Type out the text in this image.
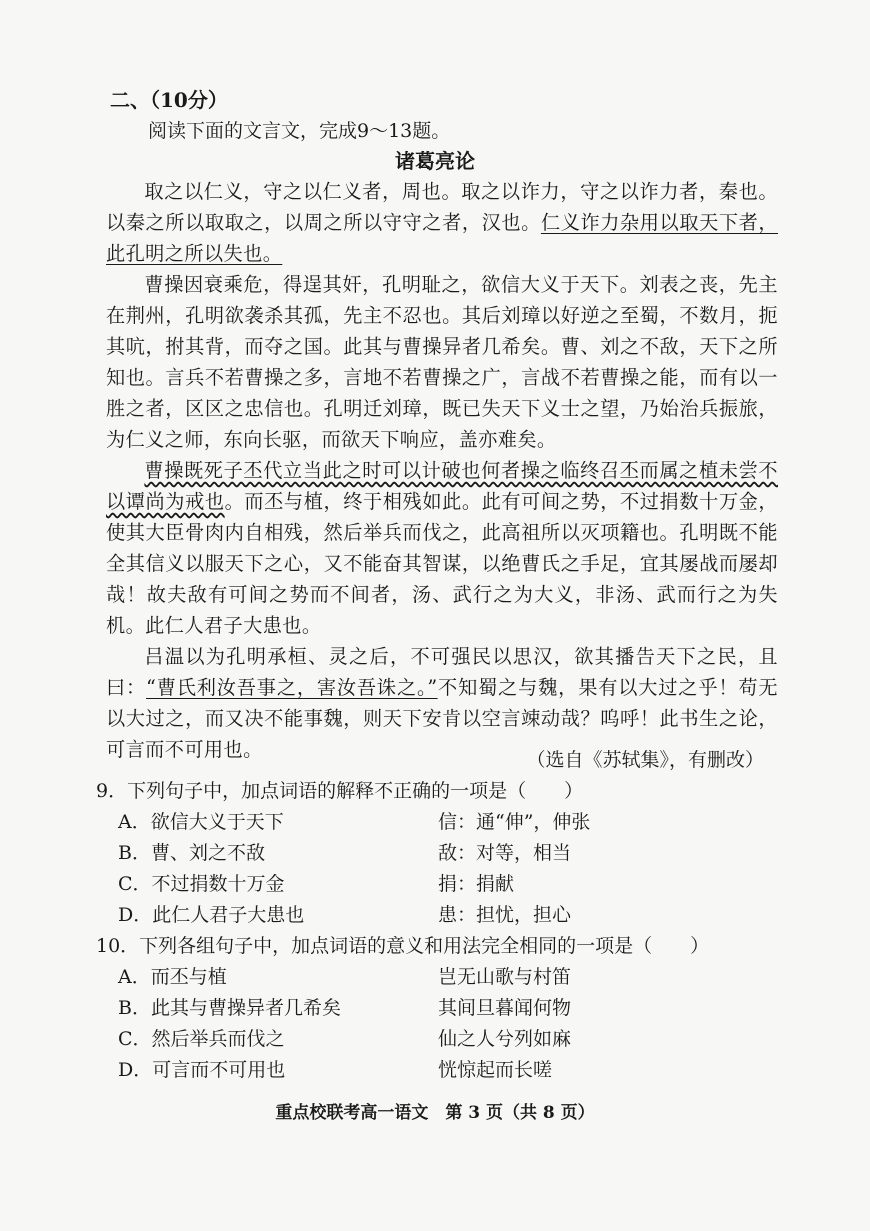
二、（10分）
阅读下面的文言文，完成9～13题。
诸葛亮论

取之以仁义，守之以仁义者，周也。取之以诈力，守之以诈力者，秦也。以秦之所以取取之，以周之所以守守之者，汉也。仁义诈力杂用以取天下者，此孔明之所以失也。

曹操因衰乘危，得逞其奸，孔明耻之，欲信大义于天下。刘表之丧，先主在荆州，孔明欲袭杀其孤，先主不忍也。其后刘璋以好逆之至蜀，不数月，扼其吭，拊其背，而夺之国。此其与曹操异者几希矣。曹、刘之不敌，天下之所知也。言兵不若曹操之多，言地不若曹操之广，言战不若曹操之能，而有以一胜之者，区区之忠信也。孔明迁刘璋，既已失天下义士之望，乃始治兵振旅，为仁义之师，东向长驱，而欲天下响应，盖亦难矣。

曹操既死子丕代立当此之时可以计破也何者操之临终召丕而属之植未尝不以谭尚为戒也。而丕与植，终于相残如此。此有可间之势，不过捐数十万金，使其大臣骨肉内自相残，然后举兵而伐之，此高祖所以灭项籍也。孔明既不能全其信义以服天下之心，又不能奋其智谋，以绝曹氏之手足，宜其屡战而屡却哉！故夫敌有可间之势而不间者，汤、武行之为大义，非汤、武而行之为失机。此仁人君子大患也。

吕温以为孔明承桓、灵之后，不可强民以思汉，欲其播告天下之民，且曰：“曹氏利汝吾事之，害汝吾诛之。”不知蜀之与魏，果有以大过之乎！苟无以大过之，而又决不能事魏，则天下安肯以空言竦动哉？呜呼！此书生之论，可言而不可用也。	（选自《苏轼集》，有删改）
9．下列句子中，加点词语的解释不正确的一项是（　　）
A．欲信大义于天下	信：通“伸”，伸张
B．曹、刘之不敌	敌：对等，相当
C．不过捐数十万金	捐：捐献
D．此仁人君子大患也	患：担忧，担心
10．下列各组句子中，加点词语的意义和用法完全相同的一项是（　　）
A．而丕与植	岂无山歌与村笛
B．此其与曹操异者几希矣	其间旦暮闻何物
C．然后举兵而伐之	仙之人兮列如麻
D．可言而不可用也	恍惊起而长嗟
重点校联考高一语文　第 3 页（共 8 页）
